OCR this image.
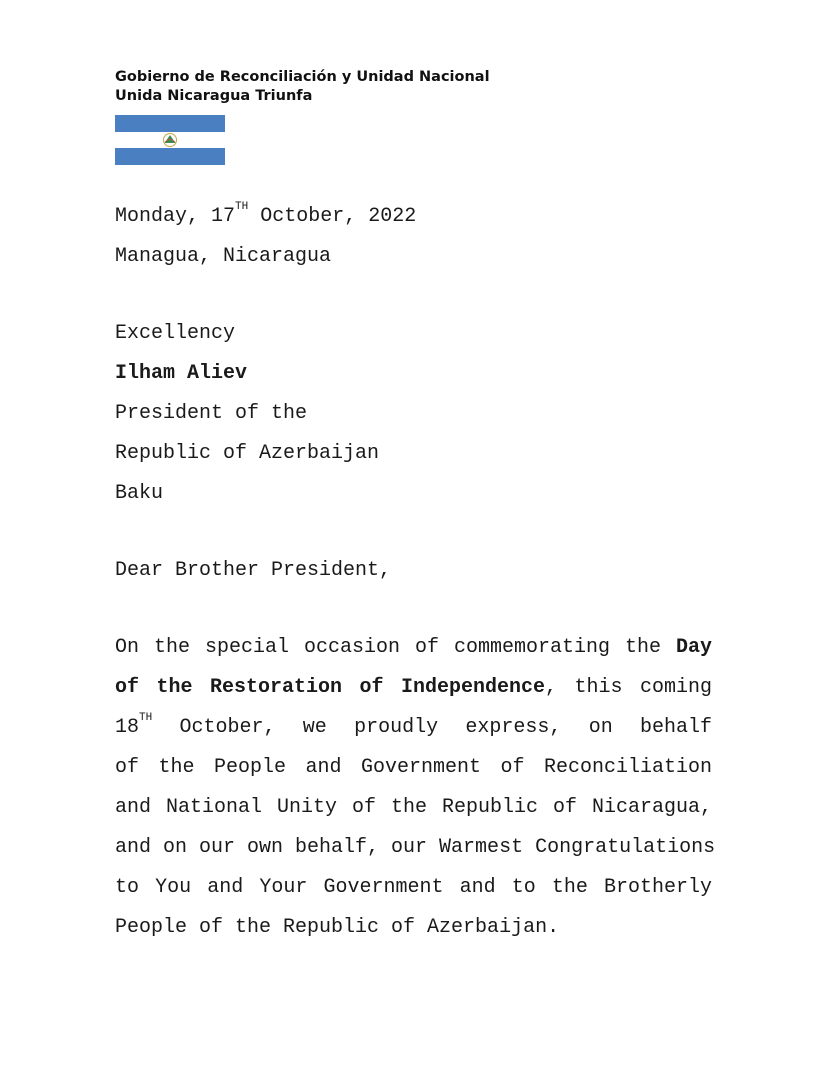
Gobierno de Reconciliación y Unidad Nacional
Unida Nicaragua Triunfa
Monday, 17TH October, 2022
Managua, Nicaragua
Excellency
Ilham Aliev
President of the
Republic of Azerbaijan
Baku
Dear Brother President,
On the special occasion of commemorating the Day
of the Restoration of Independence, this coming
18TH October, we proudly express, on behalf
of the People and Government of Reconciliation
and National Unity of the Republic of Nicaragua,
and on our own behalf, our Warmest Congratulations
to You and Your Government and to the Brotherly
People of the Republic of Azerbaijan.
